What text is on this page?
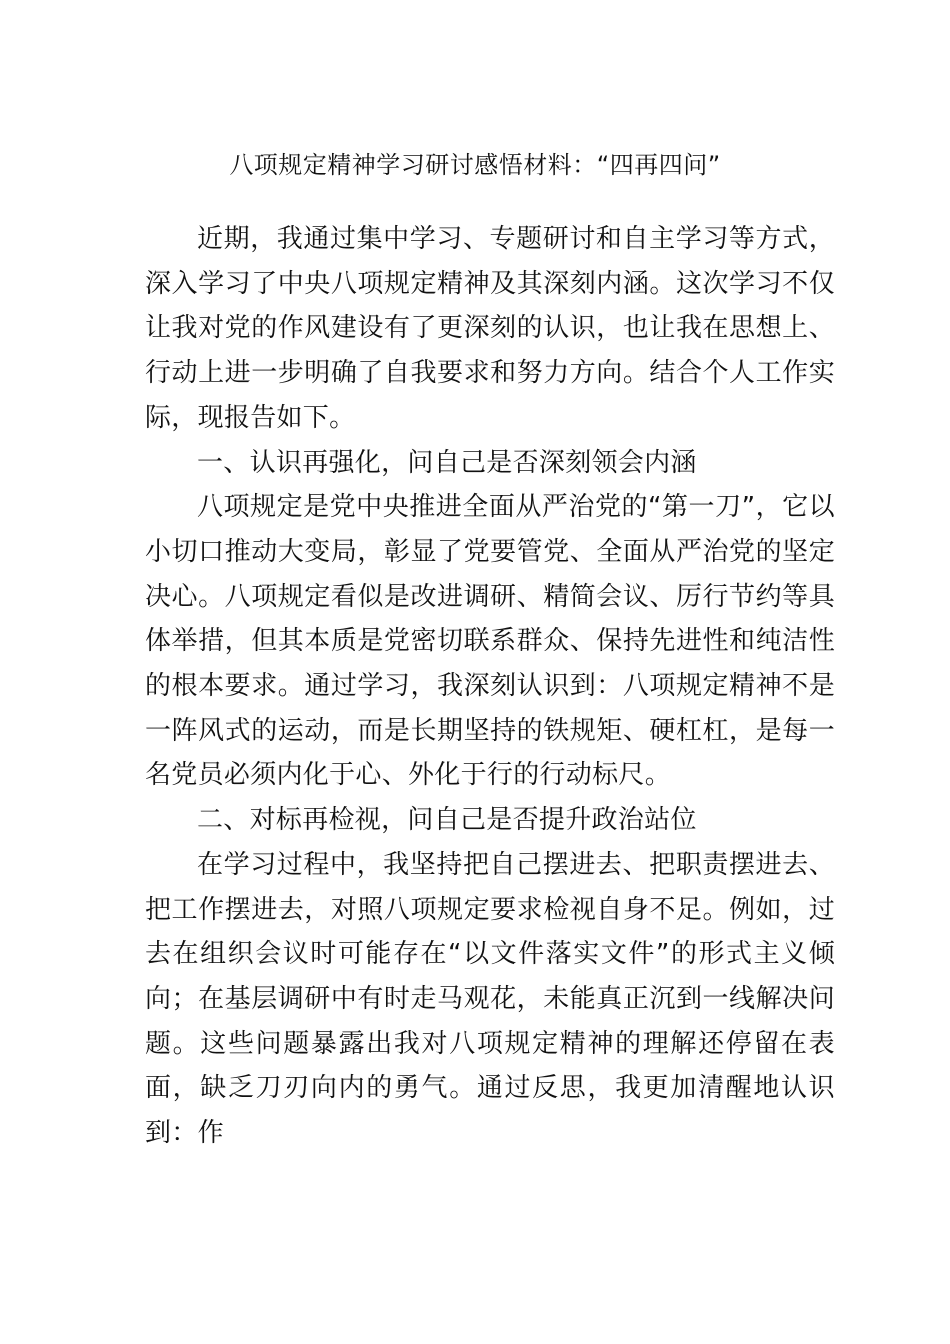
八项规定精神学习研讨感悟材料：“四再四问”

近期，我通过集中学习、专题研讨和自主学习等方式，深入学习了中央八项规定精神及其深刻内涵。这次学习不仅让我对党的作风建设有了更深刻的认识，也让我在思想上、行动上进一步明确了自我要求和努力方向。结合个人工作实际，现报告如下。

一、认识再强化，问自己是否深刻领会内涵

八项规定是党中央推进全面从严治党的“第一刀”，它以小切口推动大变局，彰显了党要管党、全面从严治党的坚定决心。八项规定看似是改进调研、精简会议、厉行节约等具体举措，但其本质是党密切联系群众、保持先进性和纯洁性的根本要求。通过学习，我深刻认识到：八项规定精神不是一阵风式的运动，而是长期坚持的铁规矩、硬杠杠，是每一名党员必须内化于心、外化于行的行动标尺。

二、对标再检视，问自己是否提升政治站位

在学习过程中，我坚持把自己摆进去、把职责摆进去、把工作摆进去，对照八项规定要求检视自身不足。例如，过去在组织会议时可能存在“以文件落实文件”的形式主义倾向；在基层调研中有时走马观花，未能真正沉到一线解决问题。这些问题暴露出我对八项规定精神的理解还停留在表面，缺乏刀刃向内的勇气。通过反思，我更加清醒地认识到：作
